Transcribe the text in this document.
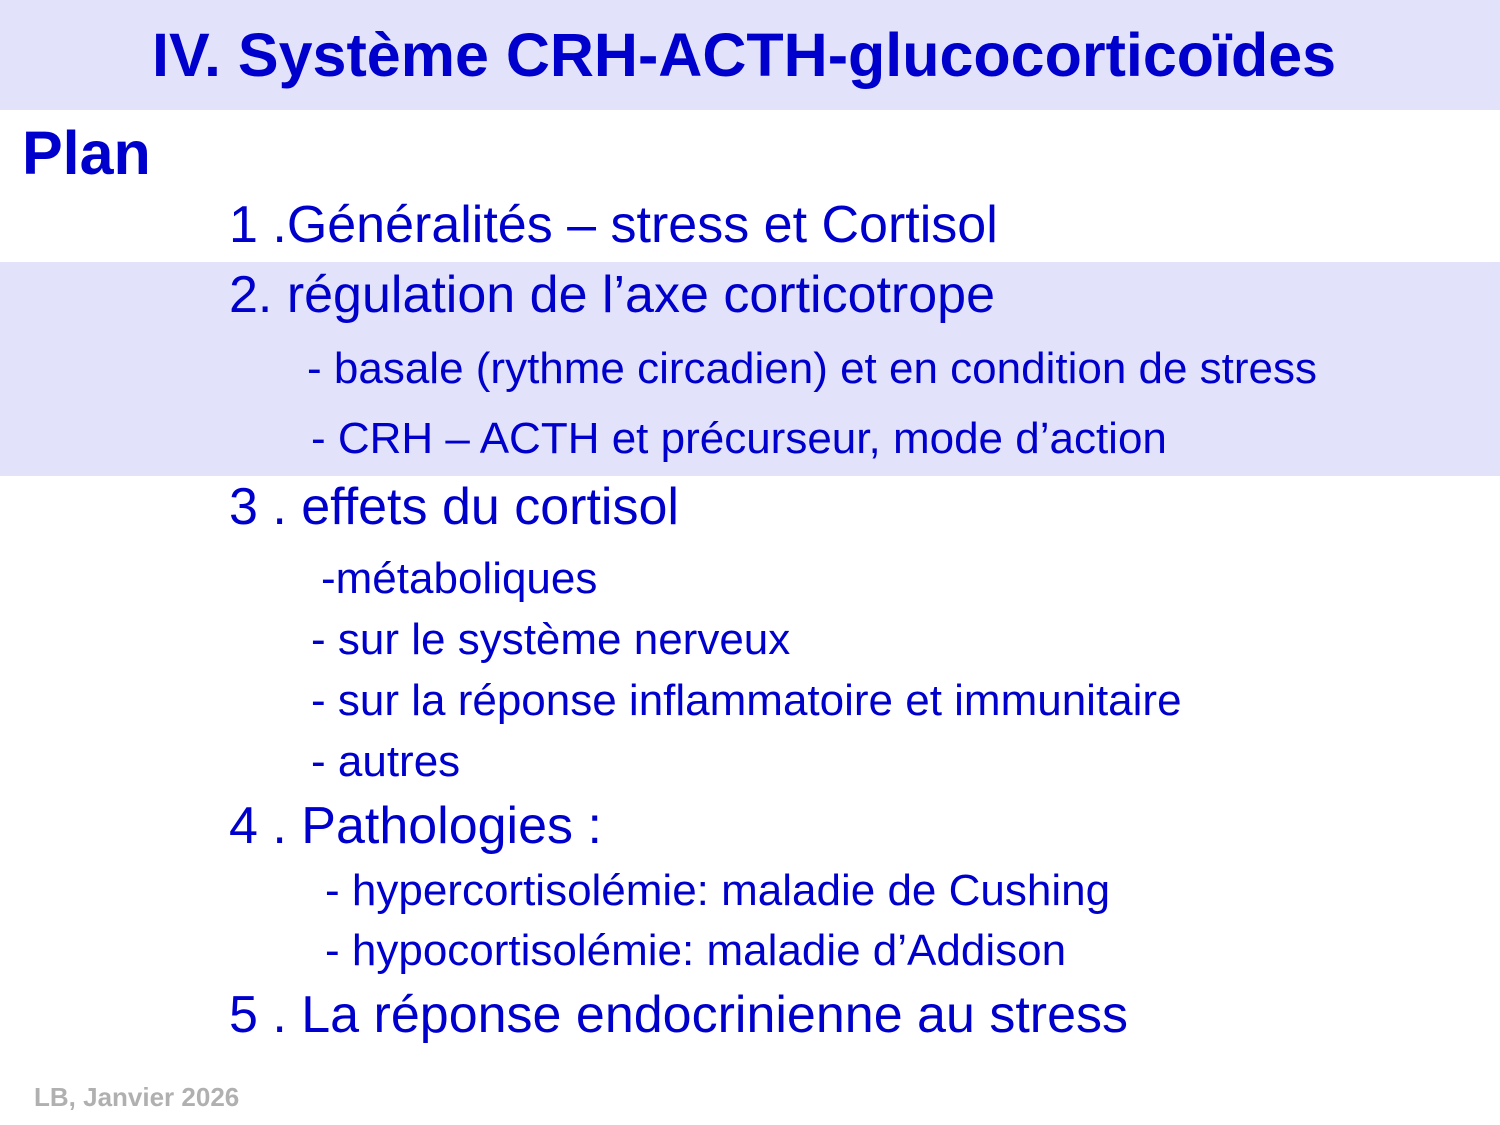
IV. Système CRH-ACTH-glucocorticoïdes
Plan

1 .Généralités – stress et Cortisol

2. régulation de l’axe corticotrope

- basale (rythme circadien) et en condition de stress

- CRH – ACTH et précurseur, mode d’action

3 . effets du cortisol

-métaboliques

- sur le système nerveux

- sur la réponse inflammatoire et immunitaire

- autres

4 . Pathologies :

- hypercortisolémie: maladie de Cushing

- hypocortisolémie: maladie d’Addison

5 . La réponse endocrinienne au stress

LB, Janvier 2026
